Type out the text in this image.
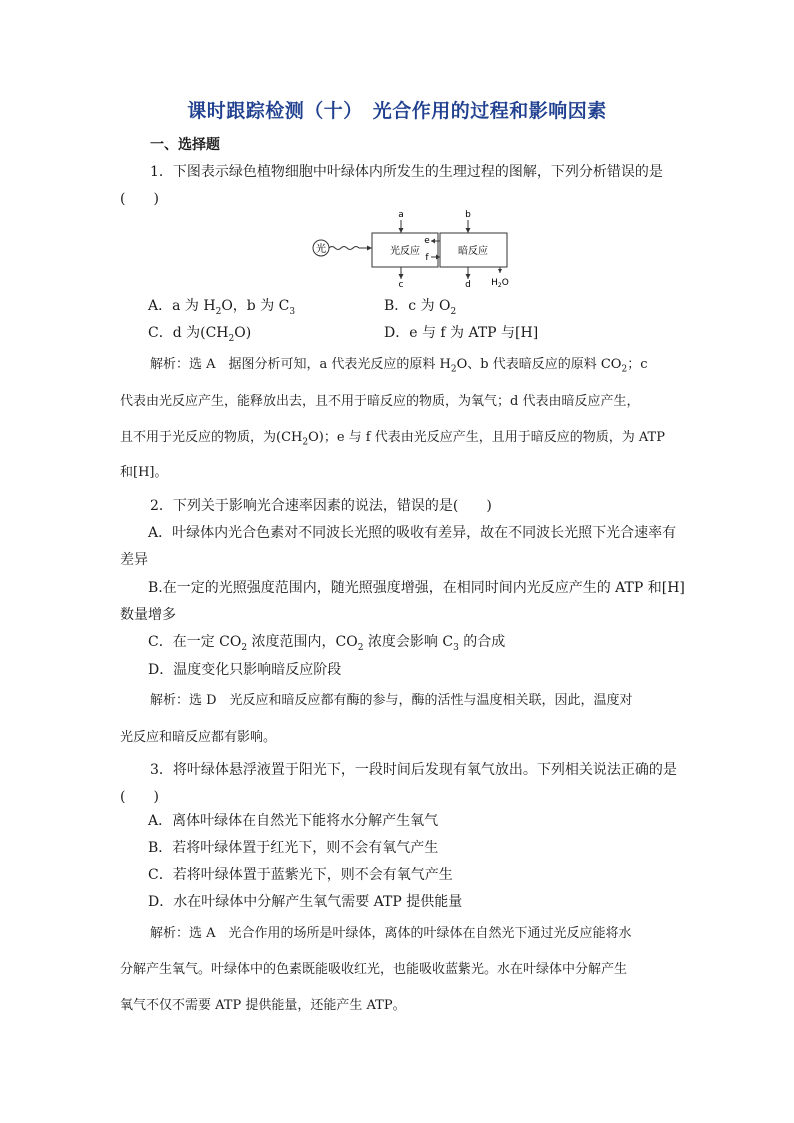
课时跟踪检测（十）　光合作用的过程和影响因素
一、选择题
1．下图表示绿色植物细胞中叶绿体内所发生的生理过程的图解，下列分析错误的是
(　　)
光	光反应	暗反应
a	b
c	d
e
f
$H_2O$
A．a 为 $H_2O$，b 为 $C_3$	B．c 为 $O_2$
C．d 为$(CH_2O)$	D．e 与 f 为 ATP 与[H]
解析：选 A　据图分析可知，a 代表光反应的原料 $H_2O$、b 代表暗反应的原料 $CO_2$；c
代表由光反应产生，能释放出去，且不用于暗反应的物质，为氧气；d 代表由暗反应产生，
且不用于光反应的物质，为$(CH_2O)$；e 与 f 代表由光反应产生，且用于暗反应的物质，为 ATP
和[H]。
2．下列关于影响光合速率因素的说法，错误的是(　　)
A．叶绿体内光合色素对不同波长光照的吸收有差异，故在不同波长光照下光合速率有
差异
B.在一定的光照强度范围内，随光照强度增强，在相同时间内光反应产生的 ATP 和[H]
数量增多
C．在一定 $CO_2$ 浓度范围内，$CO_2$ 浓度会影响 $C_3$ 的合成
D．温度变化只影响暗反应阶段
解析：选 D　光反应和暗反应都有酶的参与，酶的活性与温度相关联，因此，温度对
光反应和暗反应都有影响。
3．将叶绿体悬浮液置于阳光下，一段时间后发现有氧气放出。下列相关说法正确的是
(　　)
A．离体叶绿体在自然光下能将水分解产生氧气
B．若将叶绿体置于红光下，则不会有氧气产生
C．若将叶绿体置于蓝紫光下，则不会有氧气产生
D．水在叶绿体中分解产生氧气需要 ATP 提供能量
解析：选 A　光合作用的场所是叶绿体，离体的叶绿体在自然光下通过光反应能将水
分解产生氧气。叶绿体中的色素既能吸收红光，也能吸收蓝紫光。水在叶绿体中分解产生
氧气不仅不需要 ATP 提供能量，还能产生 ATP。
